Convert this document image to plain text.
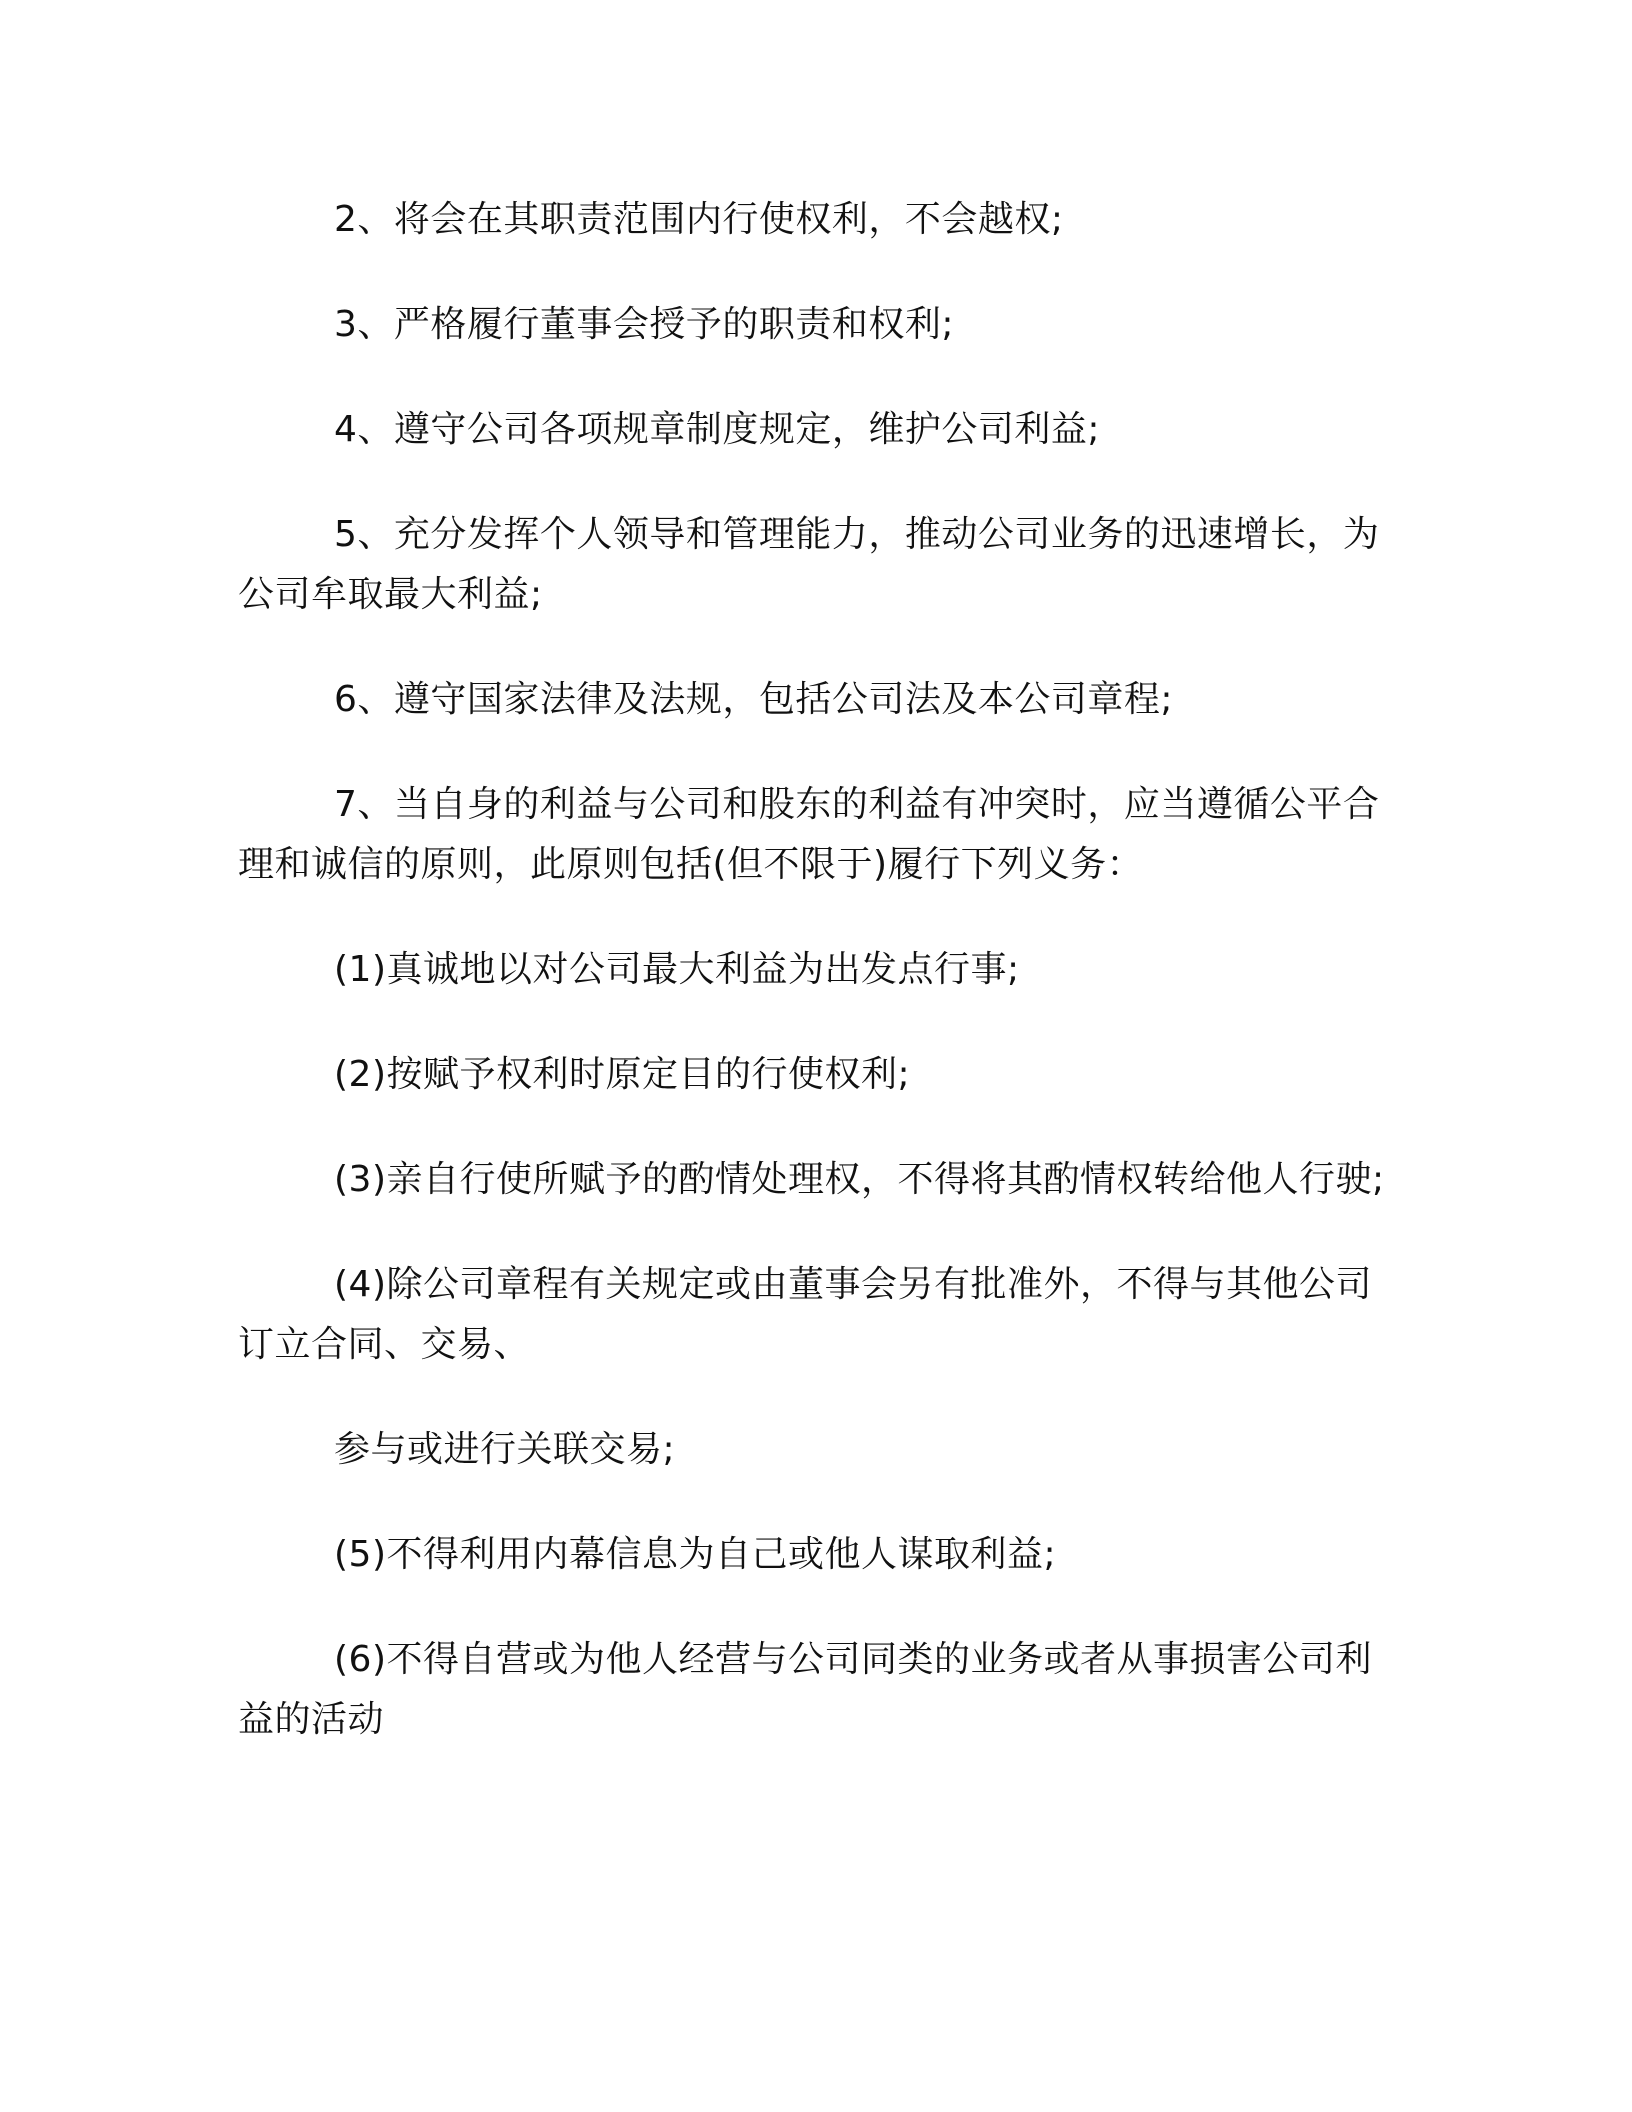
2、将会在其职责范围内行使权利，不会越权;

3、严格履行董事会授予的职责和权利;

4、遵守公司各项规章制度规定，维护公司利益;

5、充分发挥个人领导和管理能力，推动公司业务的迅速增长，为公司牟取最大利益;

6、遵守国家法律及法规，包括公司法及本公司章程;

7、当自身的利益与公司和股东的利益有冲突时，应当遵循公平合理和诚信的原则，此原则包括(但不限于)履行下列义务：

(1)真诚地以对公司最大利益为出发点行事;

(2)按赋予权利时原定目的行使权利;

(3)亲自行使所赋予的酌情处理权，不得将其酌情权转给他人行驶;

(4)除公司章程有关规定或由董事会另有批准外，不得与其他公司订立合同、交易、

参与或进行关联交易;

(5)不得利用内幕信息为自己或他人谋取利益;

(6)不得自营或为他人经营与公司同类的业务或者从事损害公司利益的活动
